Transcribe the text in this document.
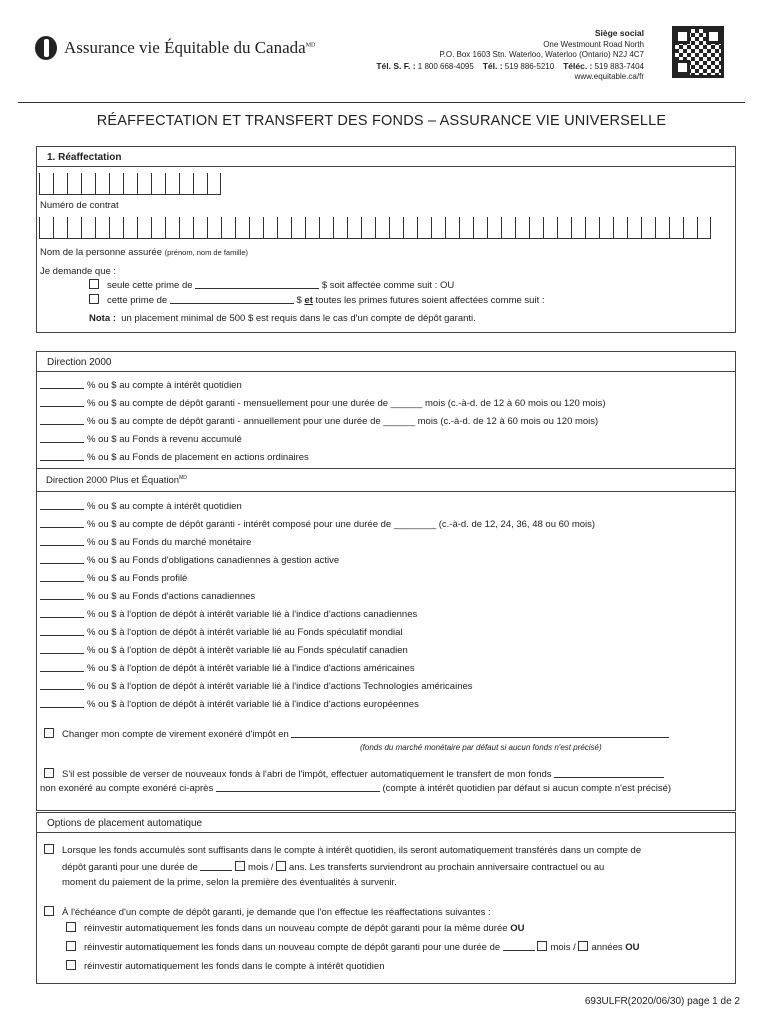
Assurance vie Équitable du Canada$^{MD}$
Siège social
One Westmount Road North
P.O. Box 1603 Stn. Waterloo, Waterloo (Ontario) N2J 4C7
Tél. S. F. : 1 800 668-4095 Tél. : 519 886-5210 Téléc. : 519 883-7404
www.equitable.ca/fr
RÉAFFECTATION ET TRANSFERT DES FONDS – ASSURANCE VIE UNIVERSELLE
1. Réaffectation
Numéro de contrat
Nom de la personne assurée (prénom, nom de famille)
Je demande que :
seule cette prime de	$ soit affectée comme suit : OU
cette prime de	$ et toutes les primes futures soient affectées comme suit :
Nota : un placement minimal de 500 $ est requis dans le cas d'un compte de dépôt garanti.
Direction 2000
% ou $ au compte à intérêt quotidien
% ou $ au compte de dépôt garanti - mensuellement pour une durée de ______ mois (c.-à-d. de 12 à 60 mois ou 120 mois)
% ou $ au compte de dépôt garanti - annuellement pour une durée de ______ mois (c.-à-d. de 12 à 60 mois ou 120 mois)
% ou $ au Fonds à revenu accumulé
% ou $ au Fonds de placement en actions ordinaires
Direction 2000 Plus et Équation$^{MD}$
% ou $ au compte à intérêt quotidien
% ou $ au compte de dépôt garanti - intérêt composé pour une durée de ________ (c.-à-d. de 12, 24, 36, 48 ou 60 mois)
% ou $ au Fonds du marché monétaire
% ou $ au Fonds d'obligations canadiennes à gestion active
% ou $ au Fonds profilé
% ou $ au Fonds d'actions canadiennes
% ou $ à l'option de dépôt à intérêt variable lié à l'indice d'actions canadiennes
% ou $ à l'option de dépôt à intérêt variable lié au Fonds spéculatif mondial
% ou $ à l'option de dépôt à intérêt variable lié au Fonds spéculatif canadien
% ou $ à l'option de dépôt à intérêt variable lié à l'indice d'actions américaines
% ou $ à l'option de dépôt à intérêt variable lié à l'indice d'actions Technologies américaines
% ou $ à l'option de dépôt à intérêt variable lié à l'indice d'actions européennes
Changer mon compte de virement exonéré d'impôt en
(fonds du marché monétaire par défaut si aucun fonds n'est précisé)
S'il est possible de verser de nouveaux fonds à l'abri de l'impôt, effectuer automatiquement le transfert de mon fonds
non exonéré au compte exonéré ci-après	(compte à intérêt quotidien par défaut si aucun compte n'est précisé)
Options de placement automatique
Lorsque les fonds accumulés sont suffisants dans le compte à intérêt quotidien, ils seront automatiquement transférés dans un compte de
dépôt garanti pour une durée de	mois / ans. Les transferts surviendront au prochain anniversaire contractuel ou au
moment du paiement de la prime, selon la première des éventualités à survenir.
À l'échéance d'un compte de dépôt garanti, je demande que l'on effectue les réaffectations suivantes :
réinvestir automatiquement les fonds dans un nouveau compte de dépôt garanti pour la même durée OU
réinvestir automatiquement les fonds dans un nouveau compte de dépôt garanti pour une durée de	mois / années OU
réinvestir automatiquement les fonds dans le compte à intérêt quotidien
693ULFR(2020/06/30) page 1 de 2
